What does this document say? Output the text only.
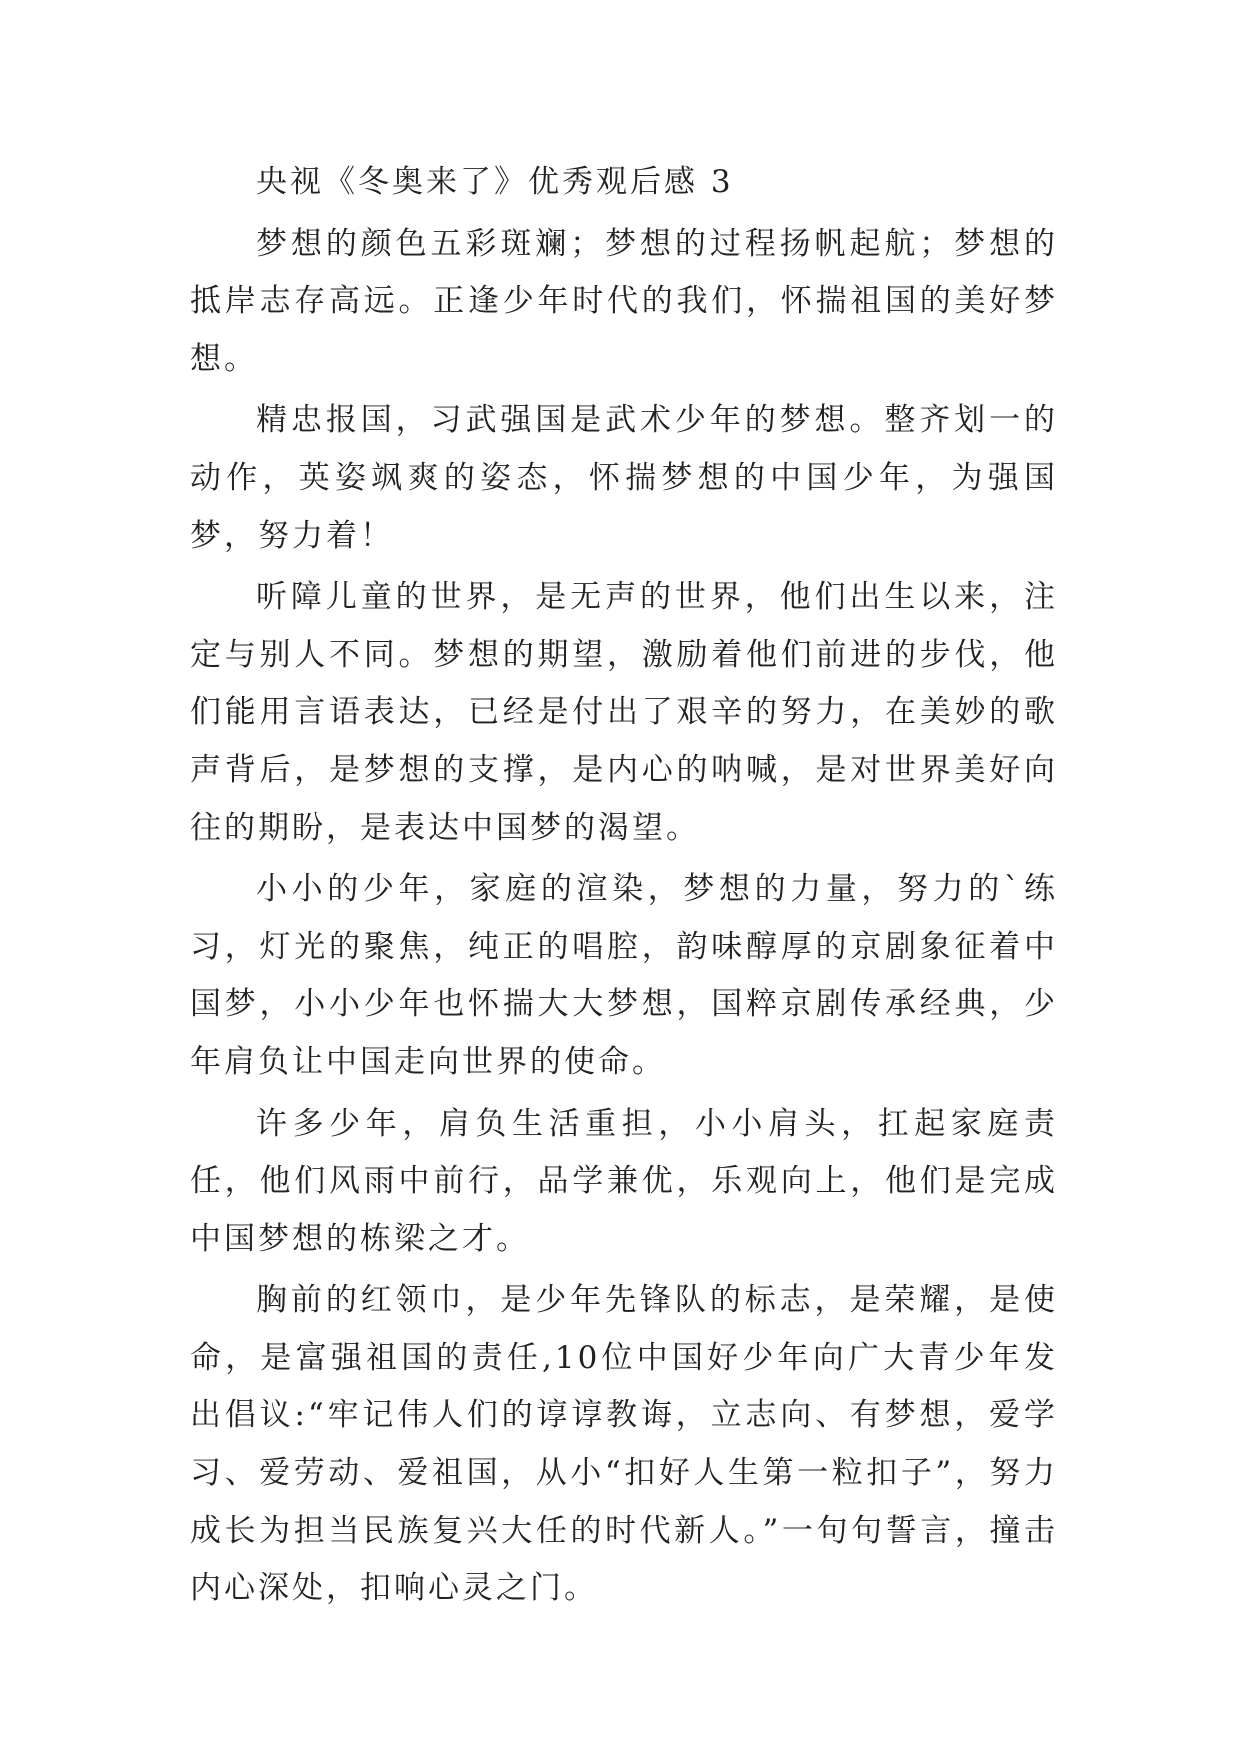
央视《冬奥来了》优秀观后感 3

梦想的颜色五彩斑斓；梦想的过程扬帆起航；梦想的抵岸志存高远。正逢少年时代的我们，怀揣祖国的美好梦想。

精忠报国，习武强国是武术少年的梦想。整齐划一的动作，英姿飒爽的姿态，怀揣梦想的中国少年，为强国梦，努力着！

听障儿童的世界，是无声的世界，他们出生以来，注定与别人不同。梦想的期望，激励着他们前进的步伐，他们能用言语表达，已经是付出了艰辛的努力，在美妙的歌声背后，是梦想的支撑，是内心的呐喊，是对世界美好向往的期盼，是表达中国梦的渴望。

小小的少年，家庭的渲染，梦想的力量，努力的`练习，灯光的聚焦，纯正的唱腔，韵味醇厚的京剧象征着中国梦，小小少年也怀揣大大梦想，国粹京剧传承经典，少年肩负让中国走向世界的使命。

许多少年，肩负生活重担，小小肩头，扛起家庭责任，他们风雨中前行，品学兼优，乐观向上，他们是完成中国梦想的栋梁之才。

胸前的红领巾，是少年先锋队的标志，是荣耀，是使命，是富强祖国的责任,10位中国好少年向广大青少年发出倡议:“牢记伟人们的谆谆教诲，立志向、有梦想，爱学习、爱劳动、爱祖国，从小“扣好人生第一粒扣子”，努力成长为担当民族复兴大任的时代新人。”一句句誓言，撞击内心深处，扣响心灵之门。
